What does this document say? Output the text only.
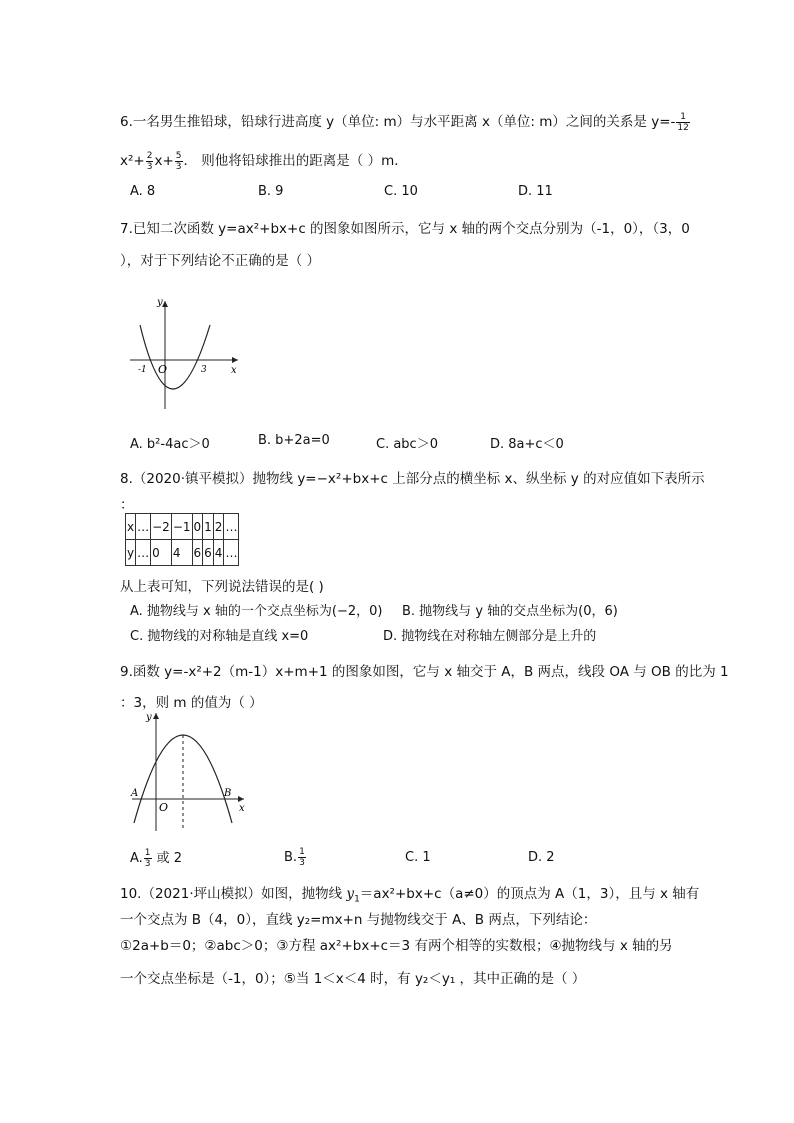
6.一名男生推铅球，铅球行进高度 y（单位: m）与水平距离 x（单位: m）之间的关系是 $y=- \frac{1}{12}$
$x^2+ \frac{2}{3} x+ \frac{5}{3}$ ． 则他将铅球推出的距离是（ ）m．
A. 8	B. 9	C. 10	D. 11
7.已知二次函数 y=ax²+bx+c 的图象如图所示，它与 x 轴的两个交点分别为（-1，0），（3，0
），对于下列结论不正确的是（ ）
y
x
O
-1	3
A. b²-4ac＞0	B. b+2a=0	C. abc＞0	D. 8a+c＜0
8.（2020·镇平模拟）抛物线 y=−x²+bx+c 上部分点的横坐标 x、纵坐标 y 的对应值如下表所示
：
x	…	−2	−1	0	1	2	…
y	…	0	4	6	6	4	…
从上表可知，下列说法错误的是( )
A. 抛物线与 x 轴的一个交点坐标为(−2，0) B. 抛物线与 y 轴的交点坐标为(0，6)
C. 抛物线的对称轴是直线 x=0	D. 抛物线在对称轴左侧部分是上升的
9.函数 y=-x²+2（m-1）x+m+1 的图象如图，它与 x 轴交于 A，B 两点，线段 OA 与 OB 的比为 1
：3，则 m 的值为（ ）
y
x
O
A	B
A. $\frac{1}{3}$ 或 2	B. $\frac{1}{3}$	C. 1	D. 2
10.（2021·坪山模拟）如图，抛物线 $y_1=ax^2+bx+c(a\ne 0)$的顶点为 A（1，3），且与 x 轴有
一个交点为 B（4，0），直线 y₂=mx+n 与抛物线交于 A、B 两点，下列结论：
①2a+b＝0；②abc＞0；③方程 ax²+bx+c＝3 有两个相等的实数根；④抛物线与 x 轴的另
一个交点坐标是（-1，0）；⑤当 1＜x＜4 时，有 y₂＜y₁ ，其中正确的是（ ）
